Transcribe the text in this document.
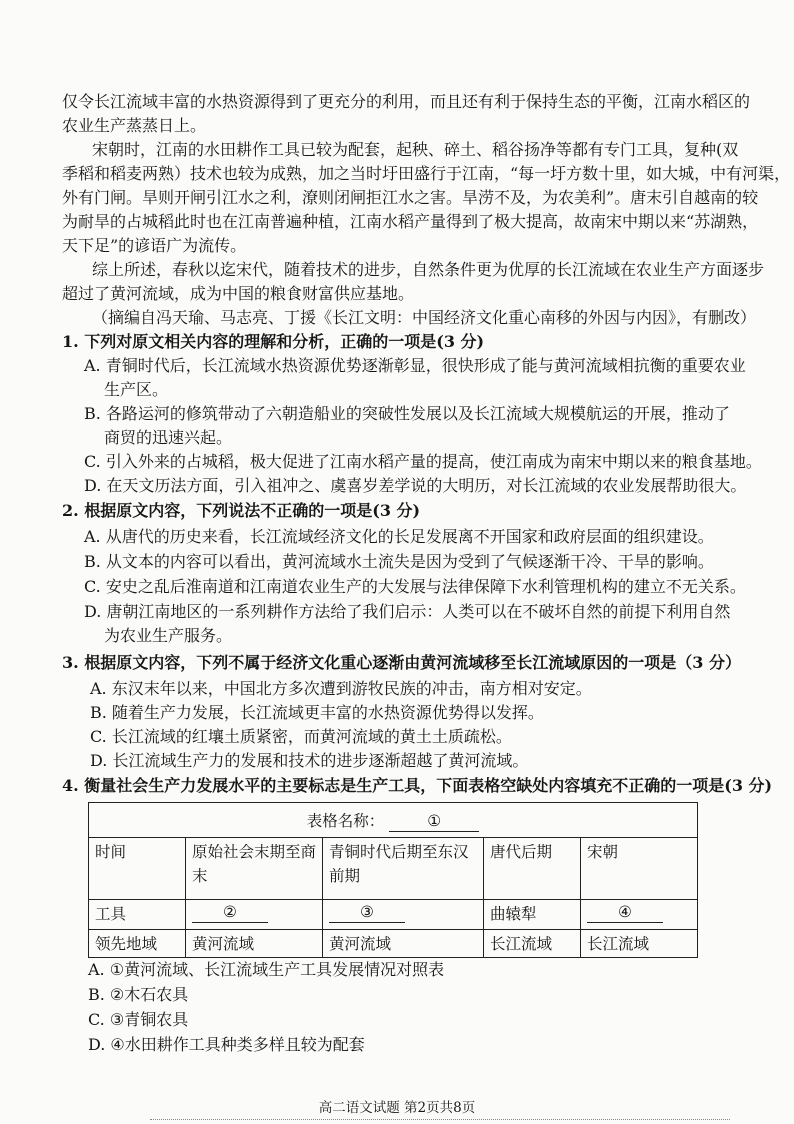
仅令长江流域丰富的水热资源得到了更充分的利用，而且还有利于保持生态的平衡，江南水稻区的
农业生产蒸蒸日上。
宋朝时，江南的水田耕作工具已较为配套，起秧、碎土、稻谷扬净等都有专门工具，复种(双
季稻和稻麦两熟）技术也较为成熟，加之当时圩田盛行于江南，“每一圩方数十里，如大城，中有河渠，
外有门闸。旱则开闸引江水之利，潦则闭闸拒江水之害。旱涝不及，为农美利”。唐末引自越南的较
为耐旱的占城稻此时也在江南普遍种植，江南水稻产量得到了极大提高，故南宋中期以来“苏湖熟，
天下足”的谚语广为流传。
综上所述，春秋以迄宋代，随着技术的进步，自然条件更为优厚的长江流域在农业生产方面逐步
超过了黄河流域，成为中国的粮食财富供应基地。
（摘编自冯天瑜、马志亮、丁援《长江文明：中国经济文化重心南移的外因与内因》，有删改）
1. 下列对原文相关内容的理解和分析，正确的一项是(3 分)
A. 青铜时代后，长江流域水热资源优势逐渐彰显，很快形成了能与黄河流域相抗衡的重要农业
生产区。
B. 各路运河的修筑带动了六朝造船业的突破性发展以及长江流域大规模航运的开展，推动了
商贸的迅速兴起。
C. 引入外来的占城稻，极大促进了江南水稻产量的提高，使江南成为南宋中期以来的粮食基地。
D. 在天文历法方面，引入祖冲之、虞喜岁差学说的大明历，对长江流域的农业发展帮助很大。
2. 根据原文内容，下列说法不正确的一项是(3 分)
A. 从唐代的历史来看，长江流域经济文化的长足发展离不开国家和政府层面的组织建设。
B. 从文本的内容可以看出，黄河流域水土流失是因为受到了气候逐渐干冷、干旱的影响。
C. 安史之乱后淮南道和江南道农业生产的大发展与法律保障下水利管理机构的建立不无关系。
D. 唐朝江南地区的一系列耕作方法给了我们启示：人类可以在不破坏自然的前提下利用自然
为农业生产服务。
3. 根据原文内容，下列不属于经济文化重心逐渐由黄河流域移至长江流域原因的一项是（3 分）
A. 东汉末年以来，中国北方多次遭到游牧民族的冲击，南方相对安定。
B. 随着生产力发展，长江流域更丰富的水热资源优势得以发挥。
C. 长江流域的红壤土质紧密，而黄河流域的黄土土质疏松。
D. 长江流域生产力的发展和技术的进步逐渐超越了黄河流域。
4. 衡量社会生产力发展水平的主要标志是生产工具，下面表格空缺处内容填充不正确的一项是(3 分)
表格名称： ①				
时间	原始社会末期至商末	青铜时代后期至东汉前期	唐代后期	宋朝
工具	②	③	曲辕犁	④
领先地域	黄河流域	黄河流域	长江流域	长江流域
A. ①黄河流域、长江流域生产工具发展情况对照表
B. ②木石农具
C. ③青铜农具
D. ④水田耕作工具种类多样且较为配套
高二语文试题 第2页共8页
